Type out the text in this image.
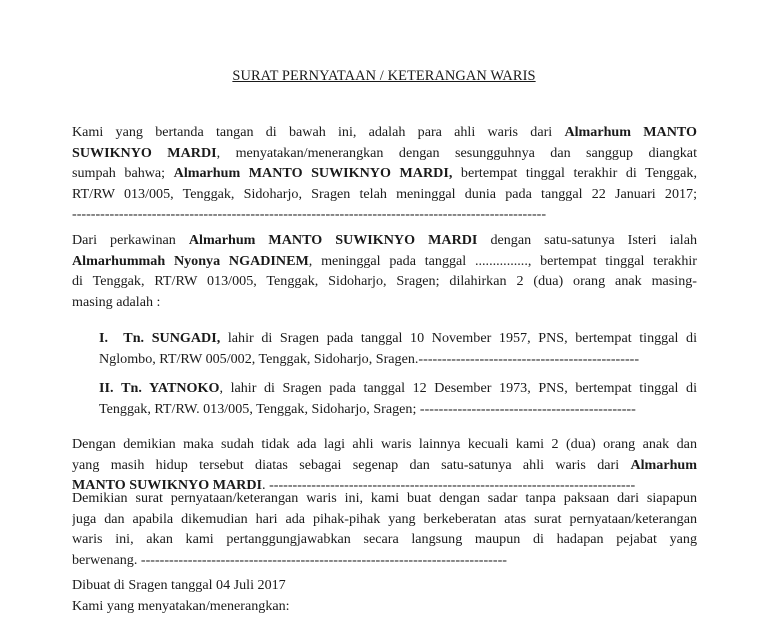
SURAT PERNYATAAN / KETERANGAN WARIS
Kami yang bertanda tangan di bawah ini, adalah para ahli waris dari Almarhum MANTO
SUWIKNYO MARDI, menyatakan/menerangkan dengan sesungguhnya dan sanggup diangkat
sumpah bahwa; Almarhum MANTO SUWIKNYO MARDI, bertempat tinggal terakhir di Tenggak,
RT/RW 013/005, Tenggak, Sidoharjo, Sragen telah meninggal dunia pada tanggal 22 Januari 2017;
-----------------------------------------------------------------------------------------------------
Dari perkawinan Almarhum MANTO SUWIKNYO MARDI dengan satu-satunya Isteri ialah
Almarhummah Nyonya NGADINEM, meninggal pada tanggal ..............., bertempat tinggal terakhir
di Tenggak, RT/RW 013/005, Tenggak, Sidoharjo, Sragen; dilahirkan 2 (dua) orang anak masing-
masing adalah :
I. Tn. SUNGADI, lahir di Sragen pada tanggal 10 November 1957, PNS, bertempat tinggal di
Nglombo, RT/RW 005/002, Tenggak, Sidoharjo, Sragen.-----------------------------------------------
II. Tn. YATNOKO, lahir di Sragen pada tanggal 12 Desember 1973, PNS, bertempat tinggal di
Tenggak, RT/RW. 013/005, Tenggak, Sidoharjo, Sragen; ----------------------------------------------
Dengan demikian maka sudah tidak ada lagi ahli waris lainnya kecuali kami 2 (dua) orang anak dan
yang masih hidup tersebut diatas sebagai segenap dan satu-satunya ahli waris dari Almarhum
MANTO SUWIKNYO MARDI. ------------------------------------------------------------------------------
Demikian surat pernyataan/keterangan waris ini, kami buat dengan sadar tanpa paksaan dari siapapun
juga dan apabila dikemudian hari ada pihak-pihak yang berkeberatan atas surat pernyataan/keterangan
waris ini, akan kami pertanggungjawabkan secara langsung maupun di hadapan pejabat yang
berwenang. ------------------------------------------------------------------------------
Dibuat di Sragen tanggal 04 Juli 2017
Kami yang menyatakan/menerangkan:
